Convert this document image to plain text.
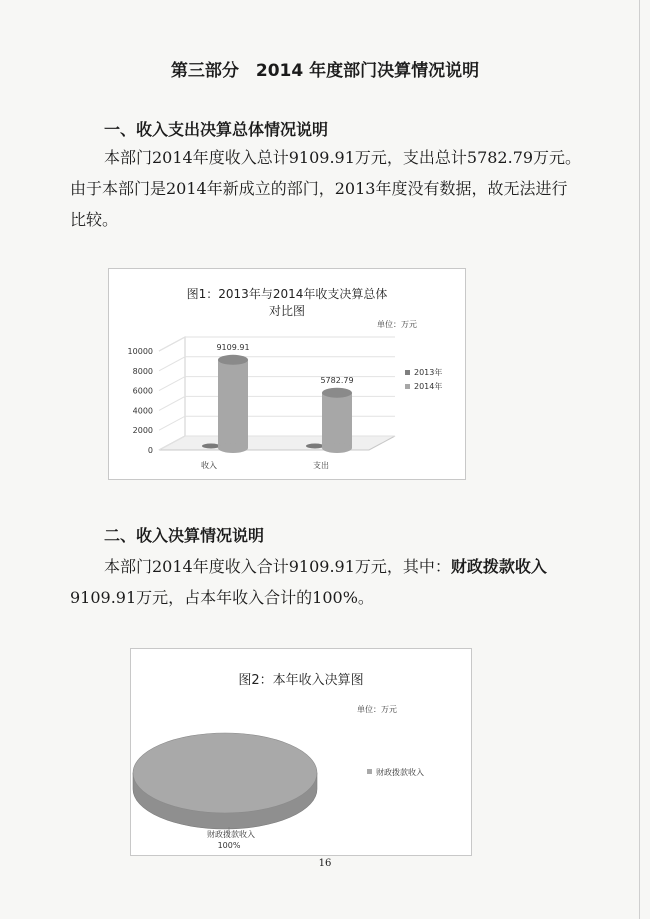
第三部分　2014 年度部门决算情况说明
一、收入支出决算总体情况说明
本部门2014年度收入总计9109.91万元，支出总计5782.79万元。
由于本部门是2014年新成立的部门，2013年度没有数据，故无法进行
比较。
图1：2013年与2014年收支决算总体
对比图
单位：万元
10000
8000
6000
4000
2000
0
9109.91
收入
5782.79
支出
2013年
2014年
二、收入决算情况说明
本部门2014年度收入合计9109.91万元，其中：财政拨款收入
9109.91万元，占本年收入合计的100%。
图2：本年收入决算图
单位：万元
财政拨款收入
100%
财政拨款收入
16
